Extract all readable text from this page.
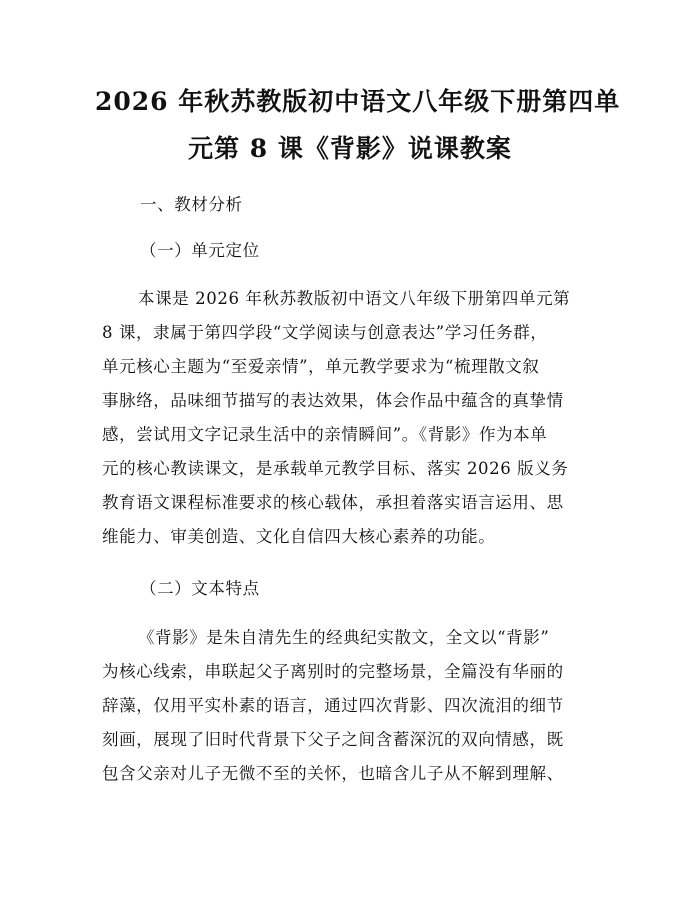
2026 年秋苏教版初中语文八年级下册第四单
元第 8 课《背影》说课教案
一、教材分析
（一）单元定位
本课是 2026 年秋苏教版初中语文八年级下册第四单元第
8 课，隶属于第四学段“文学阅读与创意表达”学习任务群，
单元核心主题为“至爱亲情”，单元教学要求为“梳理散文叙
事脉络，品味细节描写的表达效果，体会作品中蕴含的真挚情
感，尝试用文字记录生活中的亲情瞬间”。《背影》作为本单
元的核心教读课文，是承载单元教学目标、落实 2026 版义务
教育语文课程标准要求的核心载体，承担着落实语言运用、思
维能力、审美创造、文化自信四大核心素养的功能。
（二）文本特点
《背影》是朱自清先生的经典纪实散文，全文以“背影”
为核心线索，串联起父子离别时的完整场景，全篇没有华丽的
辞藻，仅用平实朴素的语言，通过四次背影、四次流泪的细节
刻画，展现了旧时代背景下父子之间含蓄深沉的双向情感，既
包含父亲对儿子无微不至的关怀，也暗含儿子从不解到理解、
